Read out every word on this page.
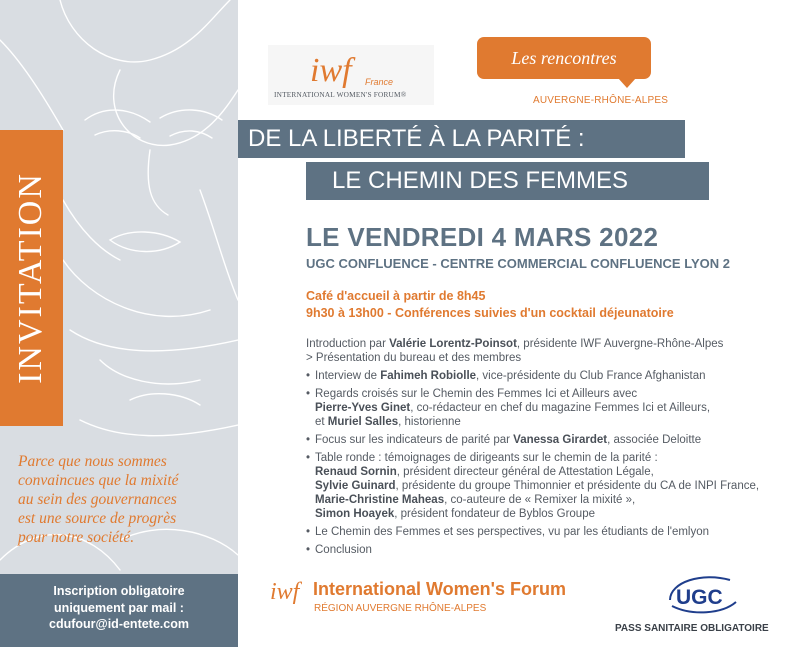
INVITATION
Parce que nous sommes
convaincues que la mixité
au sein des gouvernances
est une source de progrès
pour notre société.
Inscription obligatoire
uniquement par mail :
cdufour@id-entete.com
iwf	France
INTERNATIONAL WOMEN'S FORUM®
Les rencontres
AUVERGNE-RHÔNE-ALPES
DE LA LIBERTÉ À LA PARITÉ :
LE CHEMIN DES FEMMES
LE VENDREDI 4 MARS 2022
UGC CONFLUENCE - CENTRE COMMERCIAL CONFLUENCE LYON 2
Café d'accueil à partir de 8h45
9h30 à 13h00 - Conférences suivies d'un cocktail déjeunatoire
Introduction par Valérie Lorentz-Poinsot, présidente IWF Auvergne-Rhône-Alpes
> Présentation du bureau et des membres
• Interview de Fahimeh Robiolle, vice-présidente du Club France Afghanistan
• Regards croisés sur le Chemin des Femmes Ici et Ailleurs avec
Pierre-Yves Ginet, co-rédacteur en chef du magazine Femmes Ici et Ailleurs,
et Muriel Salles, historienne
• Focus sur les indicateurs de parité par Vanessa Girardet, associée Deloitte
• Table ronde : témoignages de dirigeants sur le chemin de la parité :
Renaud Sornin, président directeur général de Attestation Légale,
Sylvie Guinard, présidente du groupe Thimonnier et présidente du CA de INPI France,
Marie-Christine Maheas, co-auteure de « Remixer la mixité »,
Simon Hoayek, président fondateur de Byblos Groupe
• Le Chemin des Femmes et ses perspectives, vu par les étudiants de l'emlyon
• Conclusion
iwf International Women's Forum
RÉGION AUVERGNE RHÔNE-ALPES	UGC
PASS SANITAIRE OBLIGATOIRE
